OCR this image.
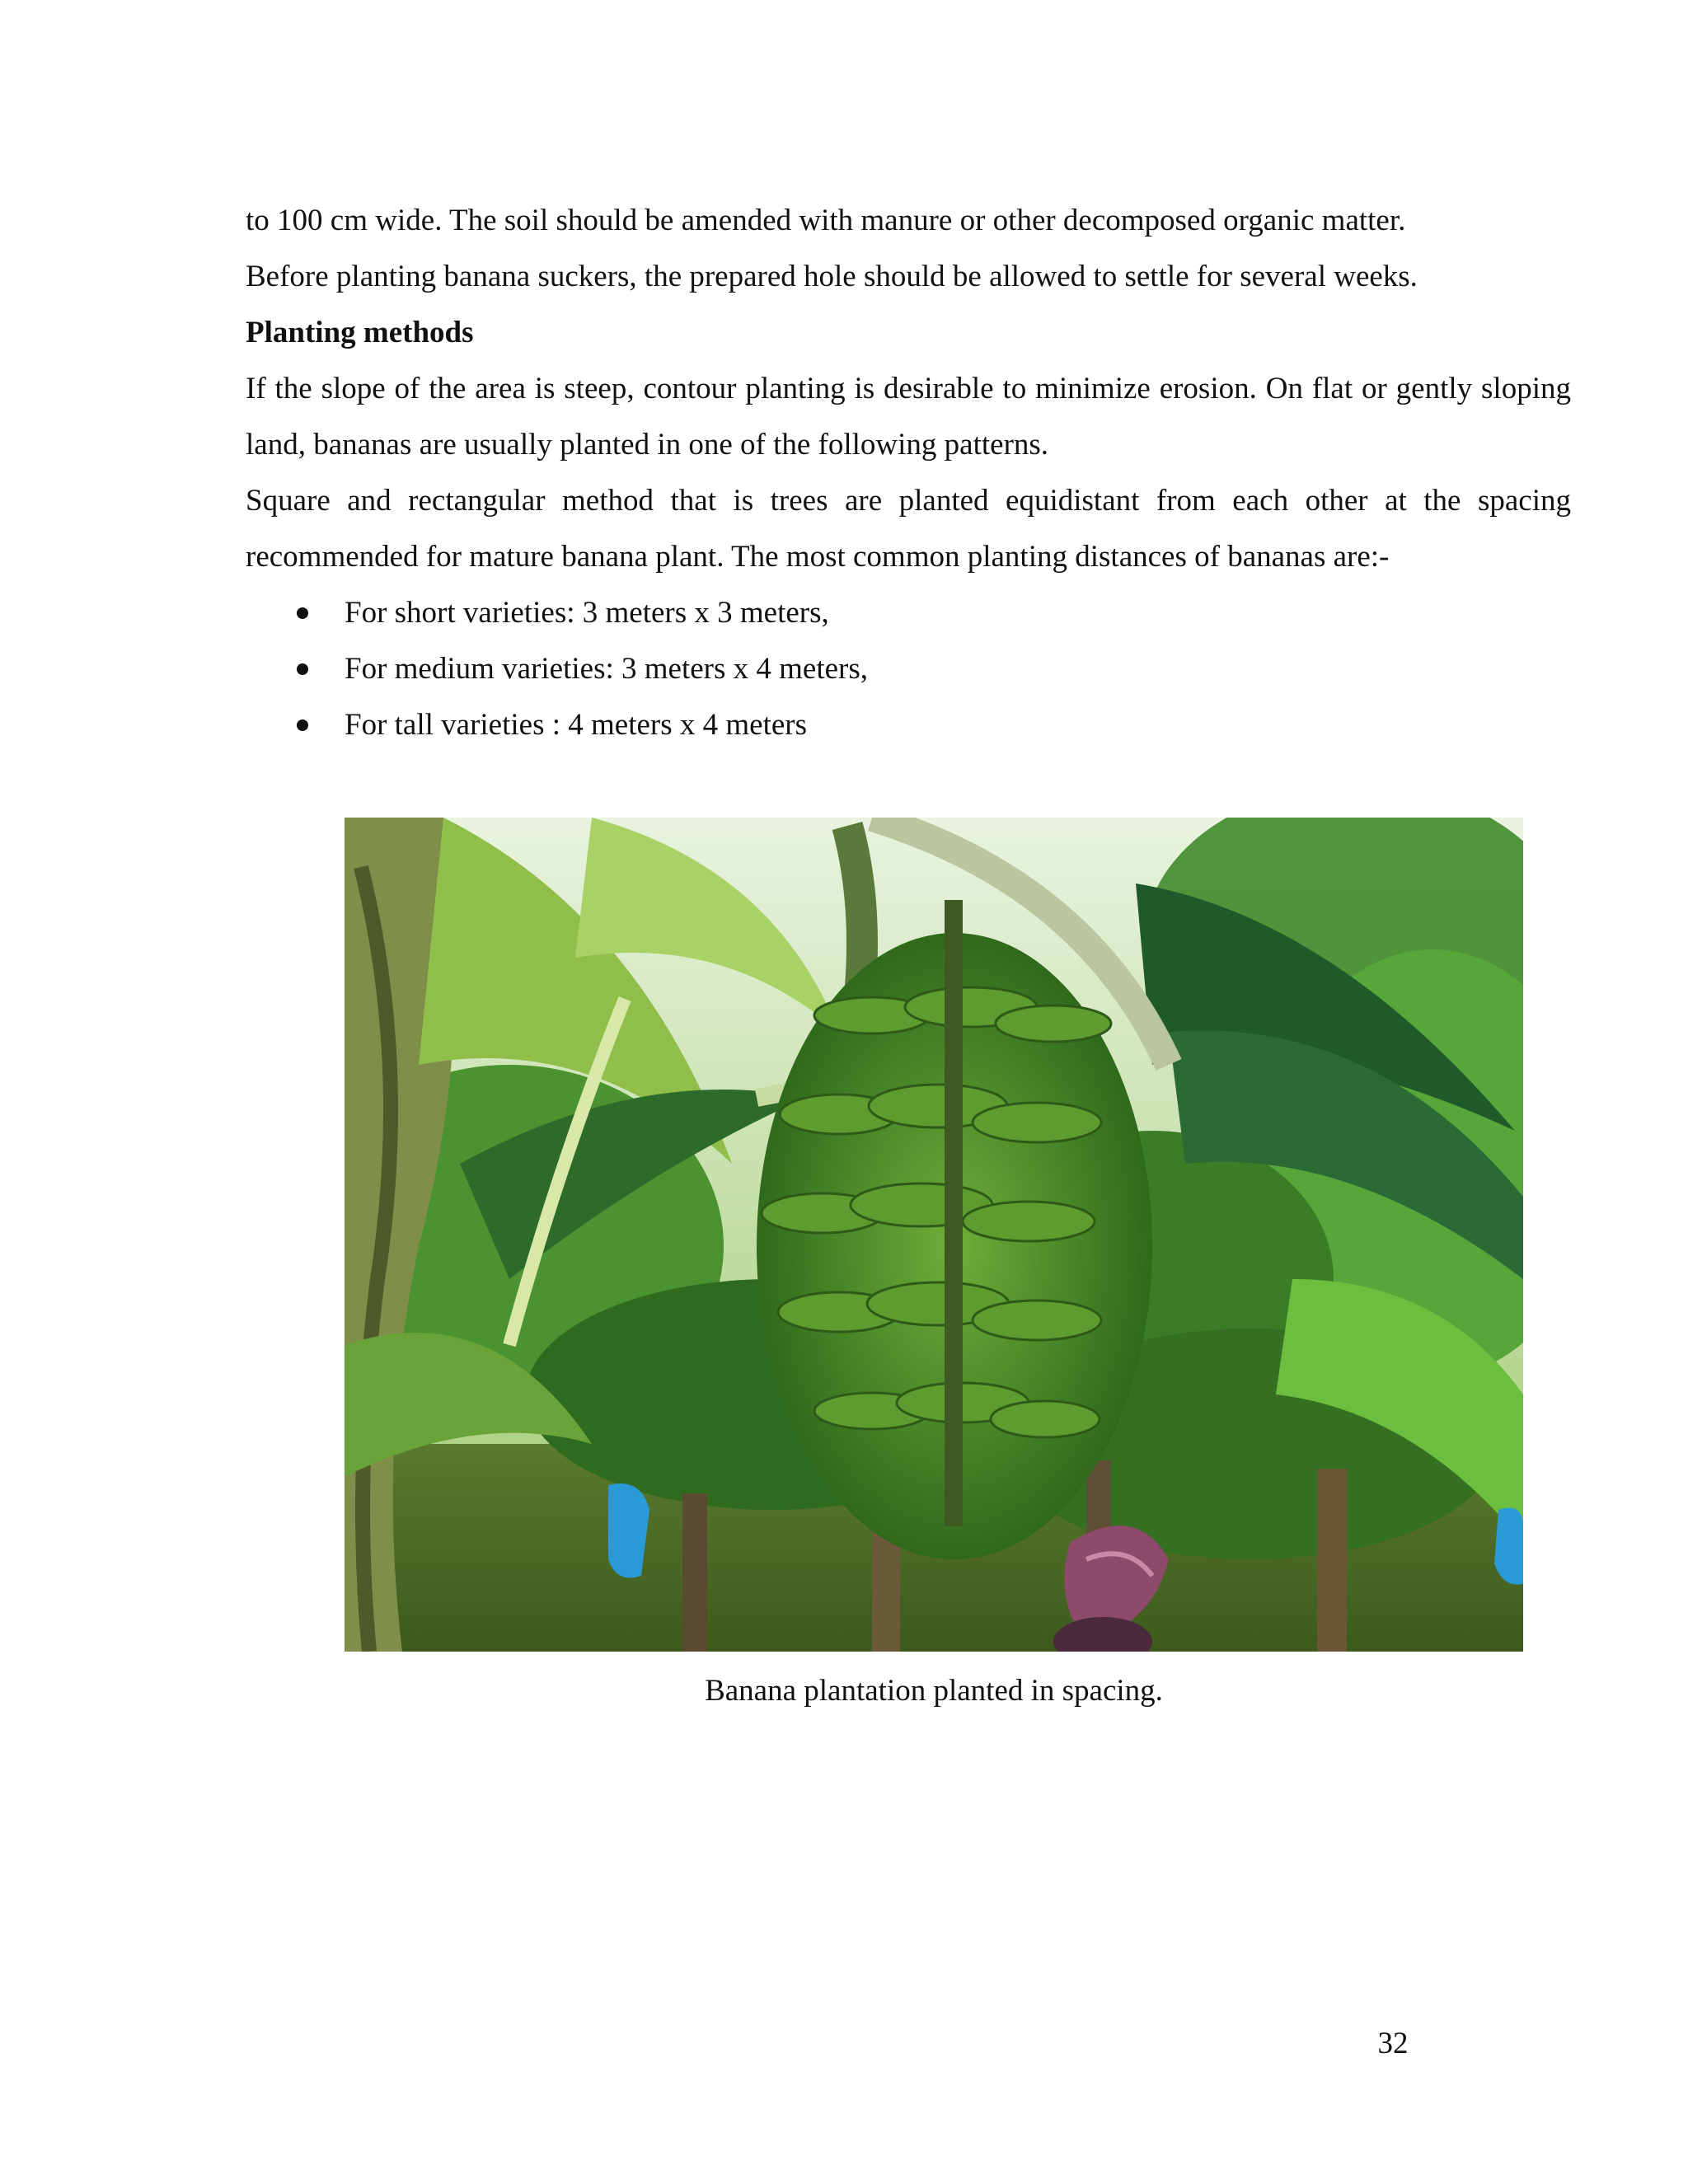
to 100 cm wide. The soil should be amended with manure or other decomposed organic matter.

Before planting banana suckers, the prepared hole should be allowed to settle for several weeks.

Planting methods

If the slope of the area is steep, contour planting is desirable to minimize erosion. On flat or gently sloping land, bananas are usually planted in one of the following patterns.

Square and rectangular method that is trees are planted equidistant from each other at the spacing recommended for mature banana plant. The most common planting distances of bananas are:-

For short varieties: 3 meters x 3 meters,
For medium varieties: 3 meters x 4 meters,
For tall varieties : 4 meters x 4 meters
Banana plantation planted in spacing.
32
